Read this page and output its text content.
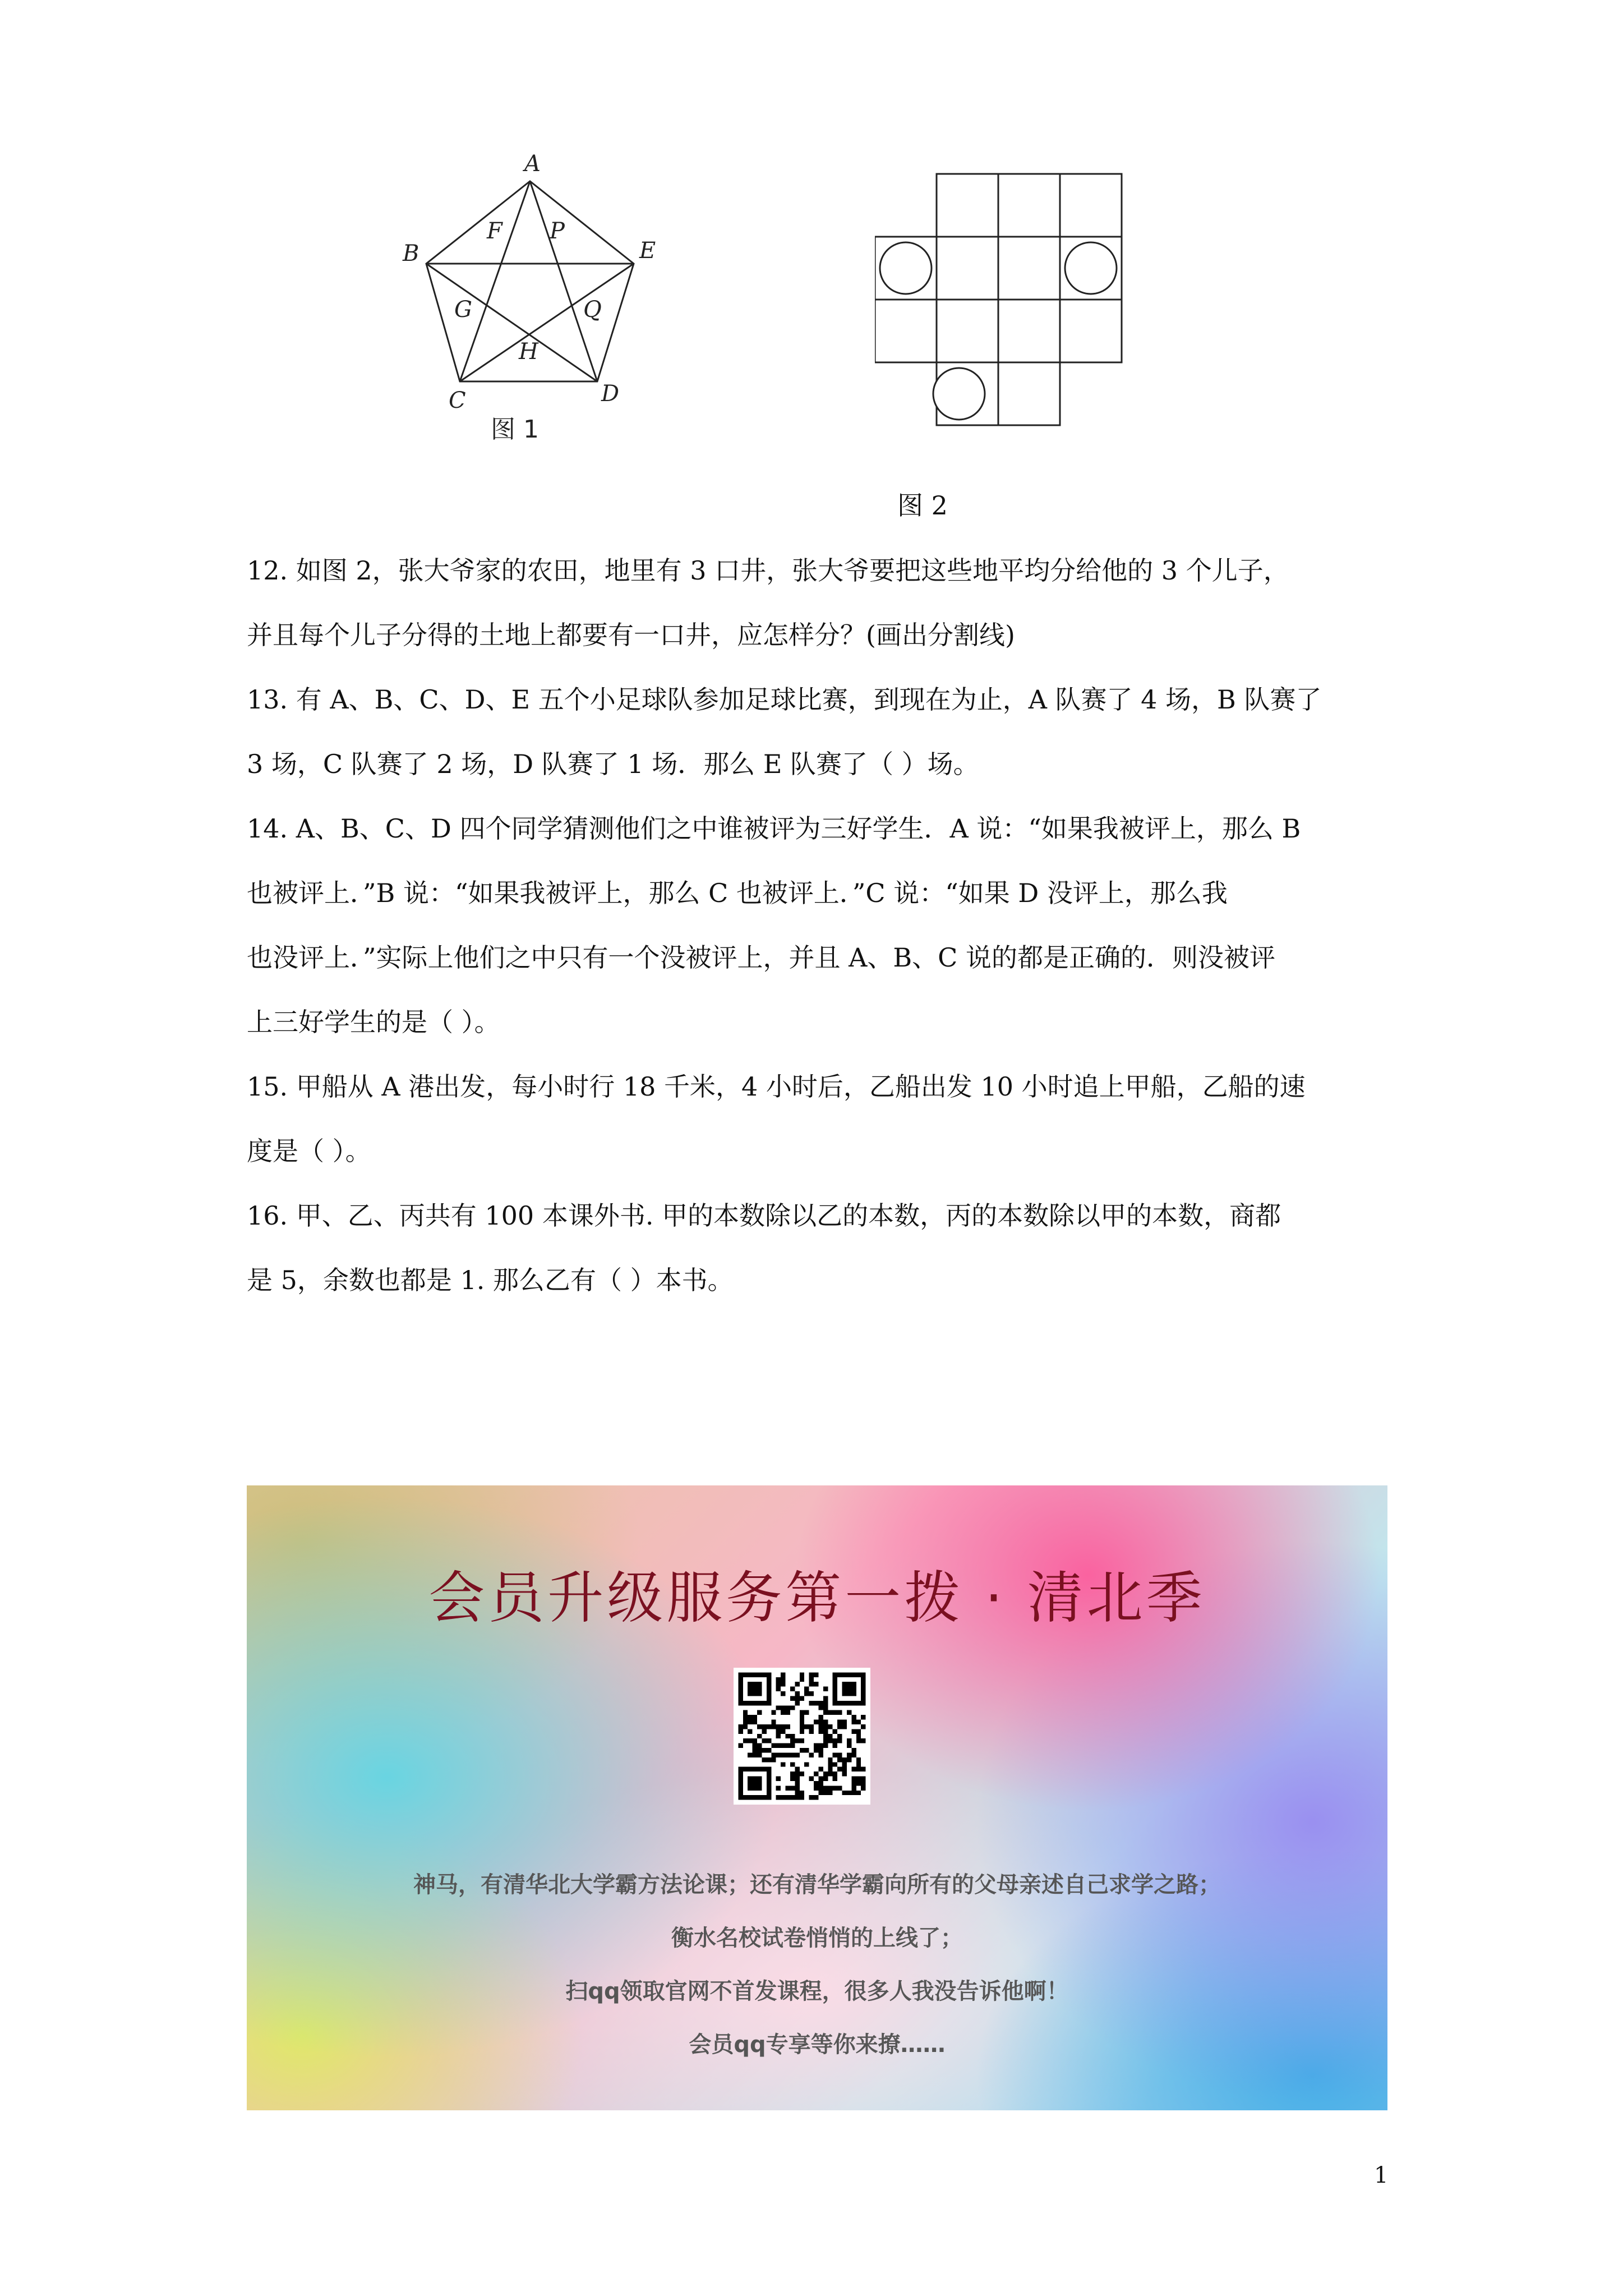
A
B
C	D
E
F P
G	Q
H
图 1
图 2
12. 如图 2，张大爷家的农田，地里有 3 口井，张大爷要把这些地平均分给他的 3 个儿子，
并且每个儿子分得的土地上都要有一口井，应怎样分？(画出分割线)
13. 有 A、B、C、D、E 五个小足球队参加足球比赛，到现在为止，A 队赛了 4 场，B 队赛了
3 场，C 队赛了 2 场，D 队赛了 1 场．那么 E 队赛了（ ）场。
14. A、B、C、D 四个同学猜测他们之中谁被评为三好学生．A 说：“如果我被评上，那么 B
也被评上．”B 说：“如果我被评上，那么 C 也被评上．”C 说：“如果 D 没评上，那么我
也没评上．”实际上他们之中只有一个没被评上，并且 A、B、C 说的都是正确的．则没被评
上三好学生的是（ ）。
15. 甲船从 A 港出发，每小时行 18 千米，4 小时后，乙船出发 10 小时追上甲船，乙船的速
度是（ ）。
16. 甲、乙、丙共有 100 本课外书. 甲的本数除以乙的本数，丙的本数除以甲的本数，商都
是 5，余数也都是 1. 那么乙有（ ）本书。
会员升级服务第一拨 · 清北季
神马，有清华北大学霸方法论课；还有清华学霸向所有的父母亲述自己求学之路；
衡水名校试卷悄悄的上线了；
扫qq领取官网不首发课程，很多人我没告诉他啊！
会员qq专享等你来撩……
1
